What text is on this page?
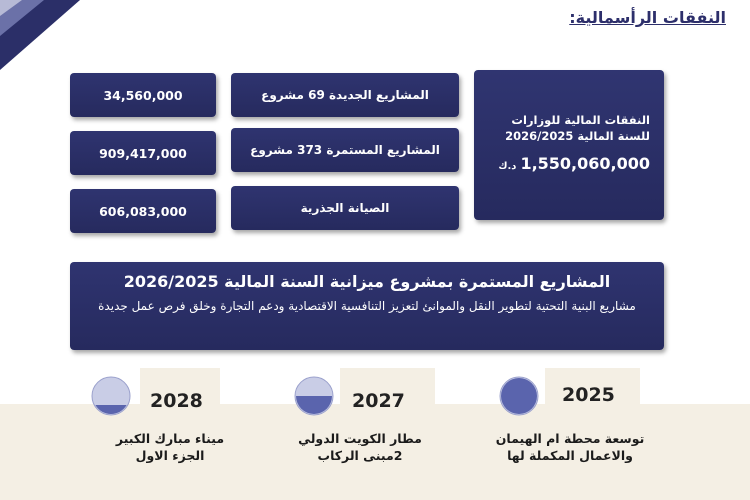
النفقات الرأسمالية:
النفقات المالية للوزارات للسنة المالية 2026/2025
1,550,060,000
د.ك
المشاريع الجديدة 69 مشروع
34,560,000
المشاريع المستمرة 373 مشروع
909,417,000
الصيانة الجذرية
606,083,000
المشاريع المستمرة بمشروع ميزانية السنة المالية 2026/2025
مشاريع البنية التحتية لتطوير النقل والموانئ لتعزيز التنافسية الاقتصادية ودعم التجارة وخلق فرص عمل جديدة
2028
ميناء مبارك الكبير
الجزء الاول
2027
مطار الكويت الدولي
2مبنى الركاب
2025
توسعة محطة ام الهيمان
والاعمال المكملة لها
